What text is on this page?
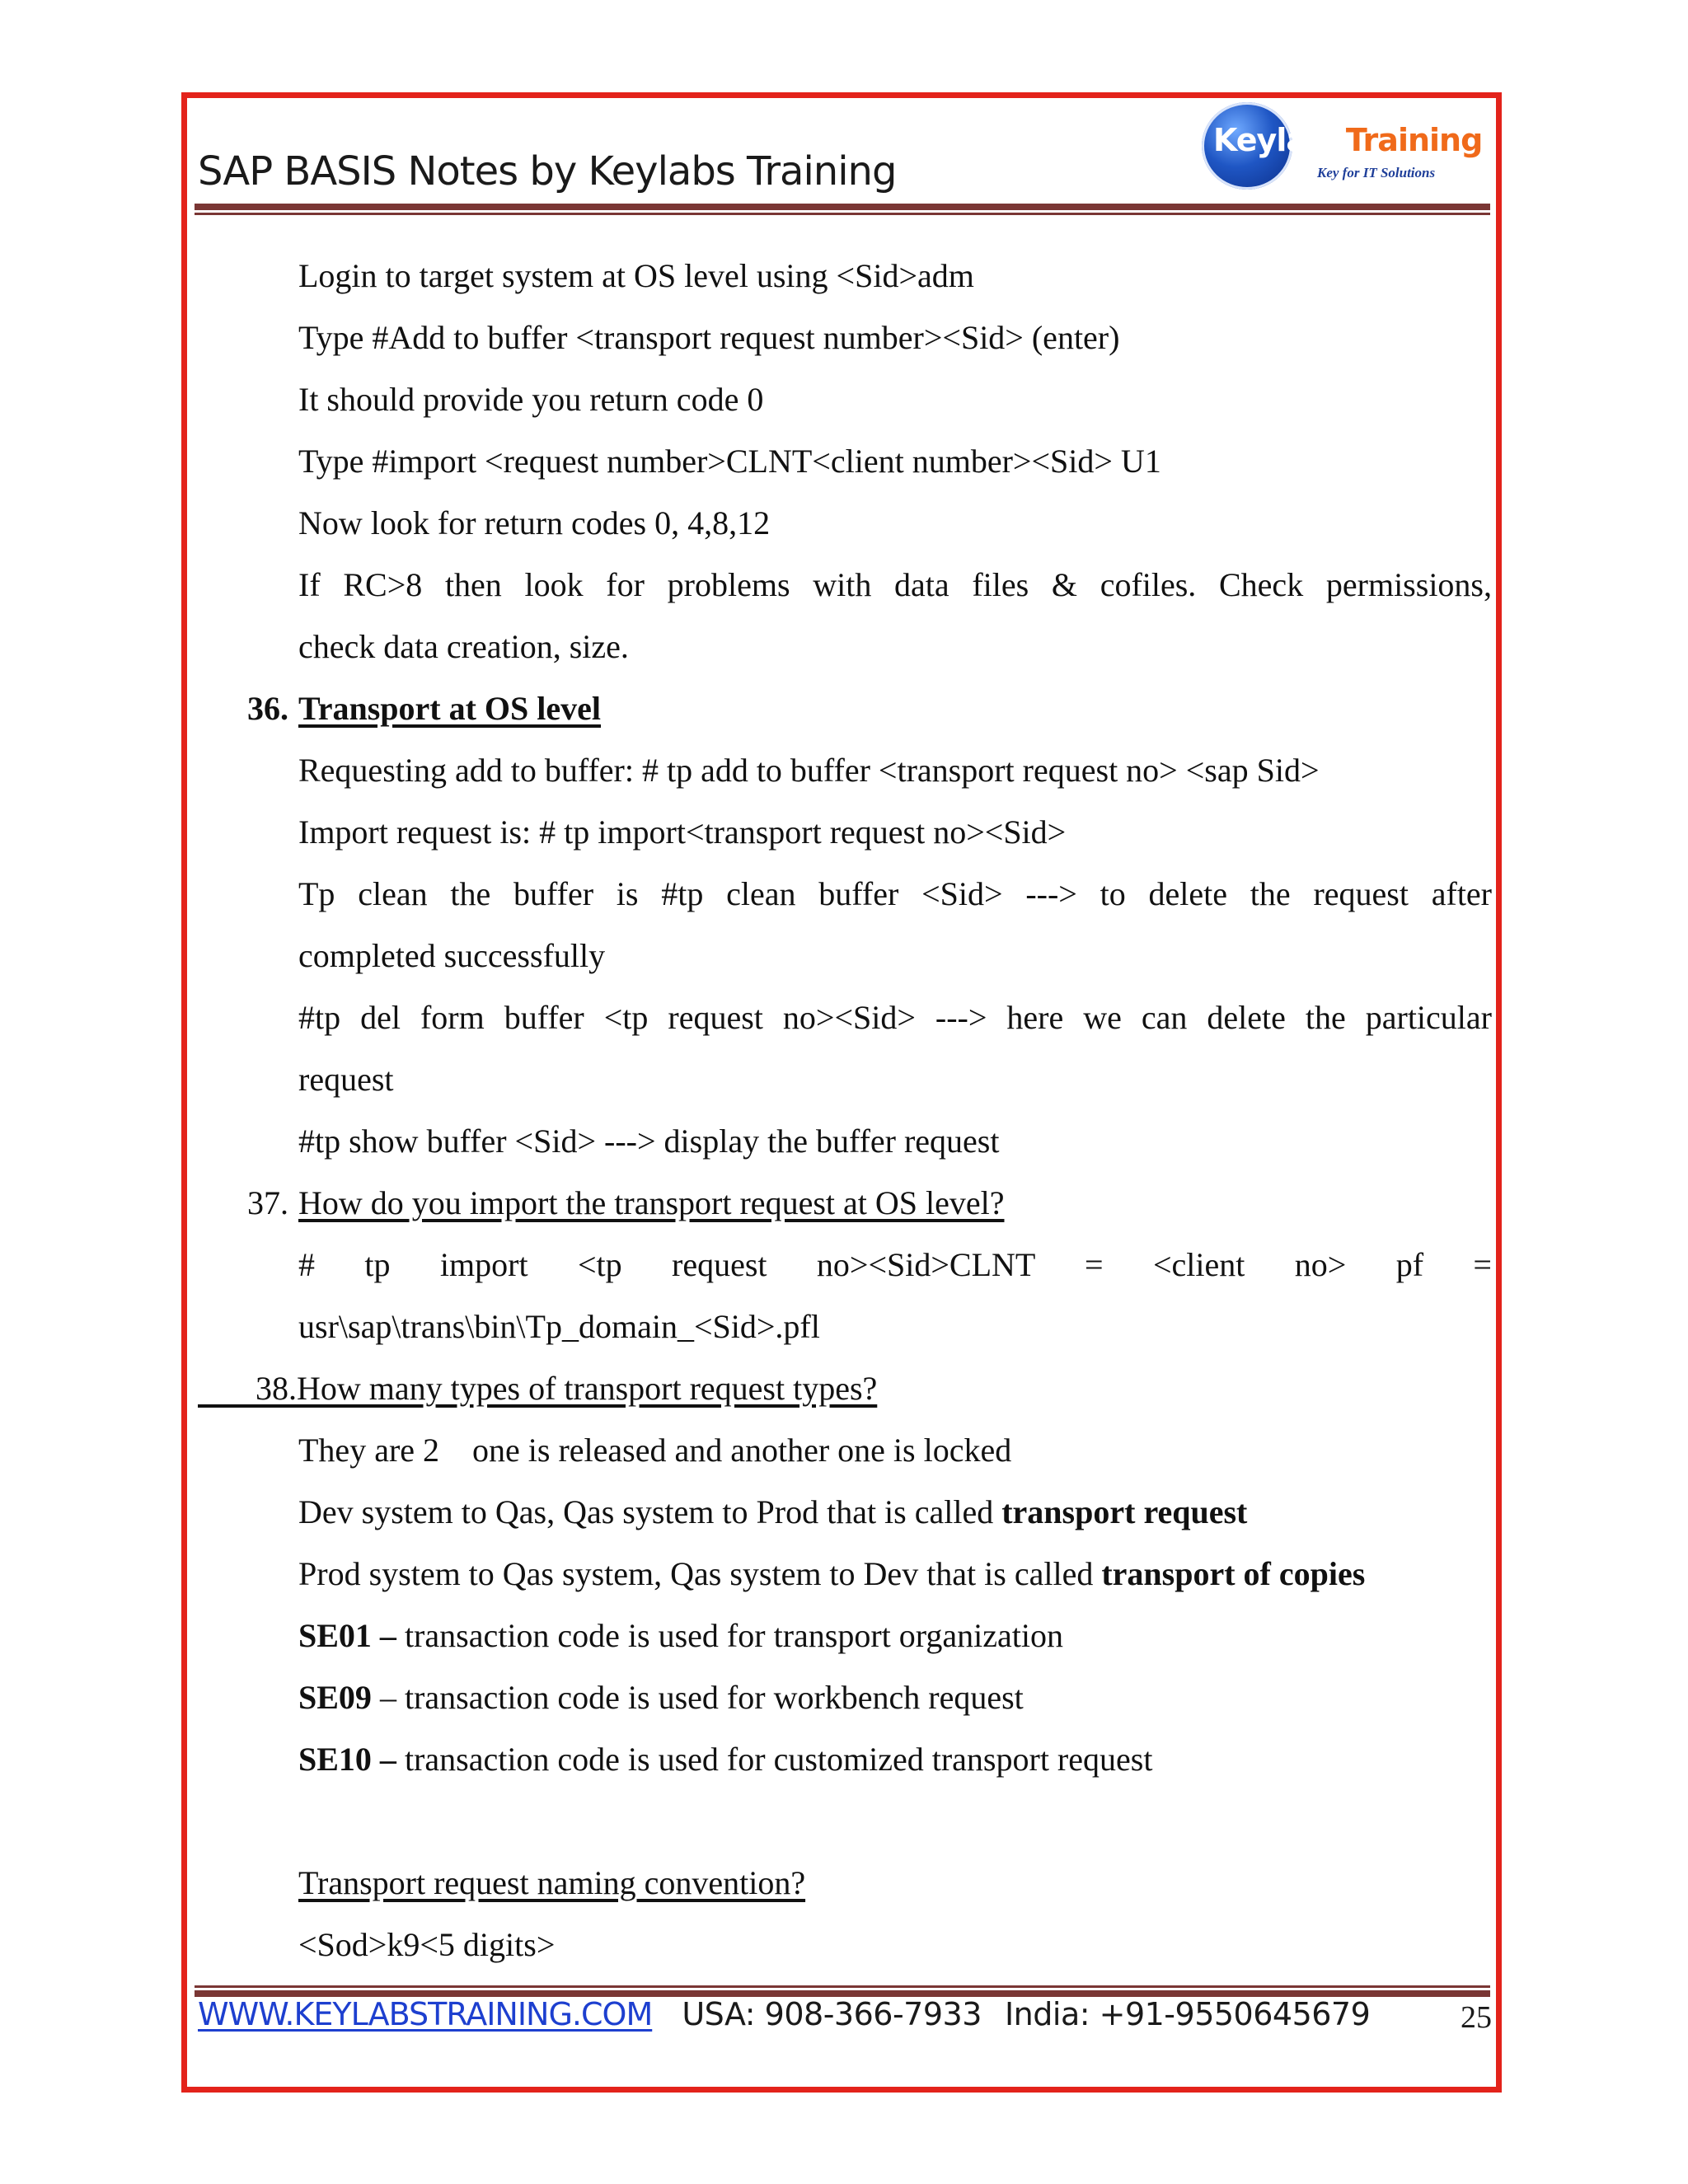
SAP BASIS Notes by Keylabs Training
KeylabsTraining
Key for IT Solutions
Login to target system at OS level using <Sid>adm
Type #Add to buffer <transport request number><Sid> (enter)
It should provide you return code 0
Type #import <request number>CLNT<client number><Sid> U1
Now look for return codes 0, 4,8,12
If RC>8 then look for problems with data files & cofiles. Check permissions,
check data creation, size.
36. Transport at OS level
Requesting add to buffer: # tp add to buffer <transport request no> <sap Sid>
Import request is: # tp import<transport request no><Sid>
Tp clean the buffer is #tp clean buffer <Sid> ---> to delete the request after
completed successfully
#tp del form buffer <tp request no><Sid> ---> here we can delete the particular
request
#tp show buffer <Sid> ---> display the buffer request
37. How do you import the transport request at OS level?
# tp import <tp request no><Sid>CLNT = <client no> pf =
usr\sap\trans\bin\Tp_domain_<Sid>.pfl
38.How many types of transport request types?
They are 2    one is released and another one is locked
Dev system to Qas, Qas system to Prod that is called transport request
Prod system to Qas system, Qas system to Dev that is called transport of copies
SE01 – transaction code is used for transport organization
SE09 – transaction code is used for workbench request
SE10 – transaction code is used for customized transport request
Transport request naming convention?
<Sod>k9<5 digits>
WWW.KEYLABSTRAINING.COM USA: 908-366-7933 India: +91-9550645679	25
